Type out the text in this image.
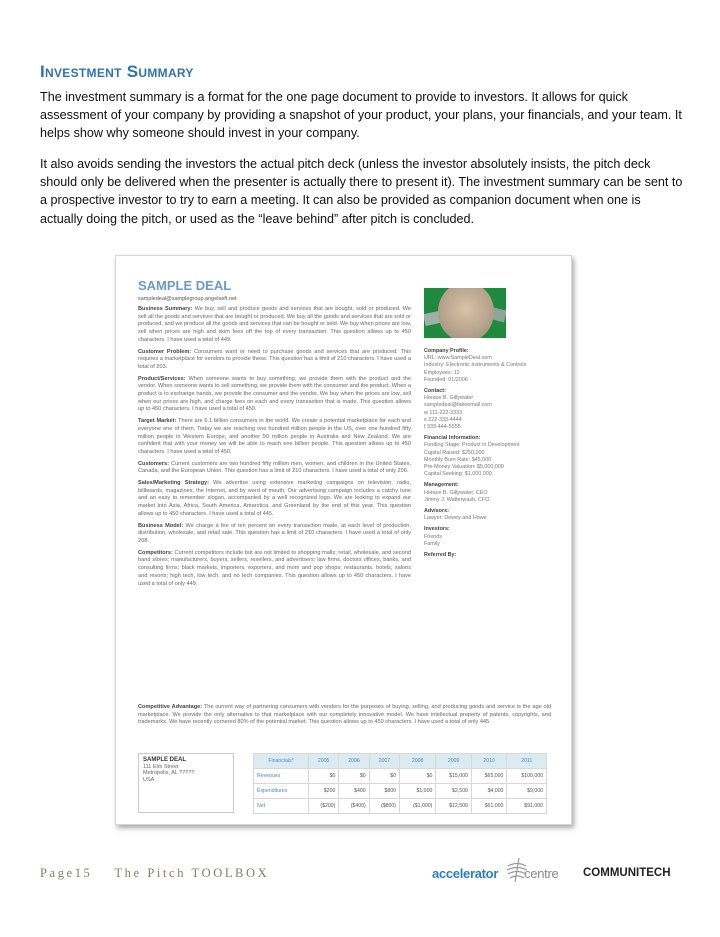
Investment Summary

The investment summary is a format for the one page document to provide to investors. It allows for quick assessment of your company by providing a snapshot of your product, your plans, your financials, and your team. It helps show why someone should invest in your company.

It also avoids sending the investors the actual pitch deck (unless the investor absolutely insists, the pitch deck should only be delivered when the presenter is actually there to present it). The investment summary can be sent to a prospective investor to try to earn a meeting. It can also be provided as companion document when one is actually doing the pitch, or used as the “leave behind” after pitch is concluded.

SAMPLE DEAL
sampledeal@samplegroup.angelsoft.net

Business Summary: We buy, sell and produce goods and services that are bought, sold or produced. We sell all the goods and services that are bought or produced. We buy all the goods and services that are sold or produced, and we produce all the goods and services that can be bought or sold. We buy when prices are low, sell when prices are high and skim fees off the top of every transaction. This question allows up to 450 characters. I have used a total of 449.

Customer Problem: Consumers want or need to purchase goods and services that are produced. This requires a marketplace for vendors to provide these. This question has a limit of 210 characters. I have used a total of 203.

Product/Services: When someone wants to buy something, we provide them with the product and the vendor. When someone wants to sell something, we provide them with the consumer and the product. When a product is to exchange hands, we provide the consumer and the vendor. We buy when the prices are low, sell when our prices are high, and charge fees on each and every transaction that is made. This question allows up to 450 characters. I have used a total of 450.

Target Market: There are 6.1 billion consumers in the world. We create a potential marketplace for each and everyone one of them. Today we are reaching one hundred million people in the US, over one hundred fifty million people in Western Europe, and another 50 million people in Australia and New Zealand. We are confident that with your money we will be able to reach one billion people. This question allows up to 450 characters. I have used a total of 450.

Customers: Current customers are two hundred fifty million men, women, and children in the United States, Canada, and the European Union. This question has a limit of 210 characters. I have used a total of only 206.

Sales/Marketing Strategy: We advertise using extensive marketing campaigns on television, radio, billboards, magazines, the Internet, and by word of mouth. Our advertising campaign includes a catchy tune and an easy to remember slogan, accompanied by a well recognized logo. We are looking to expand our market into Asia, Africa, South America, Antarctica, and Greenland by the end of this year. This question allows up to 450 characters. I have used a total of 445.

Business Model: We charge a fee of ten percent on every transaction made, at each level of production, distribution, wholesale, and retail sale. This question has a limit of 210 characters. I have used a total of only 208.

Competitors: Current competitors include but are not limited to shopping malls; retail, wholesale, and second hand stores; manufacturers, buyers, sellers, resellers, and advertisers; law firms, doctors offices, banks, and consulting firms; black markets, importers, exporters, and mom and pop shops; restaurants, hotels, salons and resorts; high tech, low tech, and no tech companies. This question allows up to 450 characters. I have used a total of only 449.

Company Profile:
URL: www.SampleDeal.com
Industry: Electronic Instruments & Controls
Employees: 12
Founded: 01/2006
Contact:
Horace B. Gillywater
sampledeal@fakeemail.com
w 111-222-3333
c 222-333-4444
f 333-444-5555
Financial Information:
Funding Stage: Product in Development
Capital Raised: $250,000
Monthly Burn Rate: $45,000
Pre-Money Valuation: $5,000,000
Capital Seeking: $1,000,000
Management:
Horace B. Gillywater, CEO
Jimmy J. Watterwash, CFO
Advisors:
Lawyer: Dewey and Howe
Investors:
Friends
Family
Referred By:

Competitive Advantage: The current way of partnering consumers with vendors for the purposes of buying, selling, and producing goods and service is the age old marketplace. We provide the only alternative to that marketplace with our completely innovative model. We have intellectual property of patents, copyrights, and trademarks. We have recently cornered 80% of the potential market. This question allows up to 450 characters. I have used a total of only 445.

SAMPLE DEAL
111 Elm Street
Metropolis, AL ?????
USA
Financials*	2005	2006	2007	2008	2009	2010	2011
Revenues	$0	$0	$0	$0	$15,000	$65,000	$100,000
Expenditures	$200	$400	$800	$1,000	$2,500	$4,000	$9,000
Net	($200)	($400)	($800)	($1,000)	$12,500	$61,000	$91,000
Page15 The Pitch TOOLBOX	accelerator centre COMMUNITECH
